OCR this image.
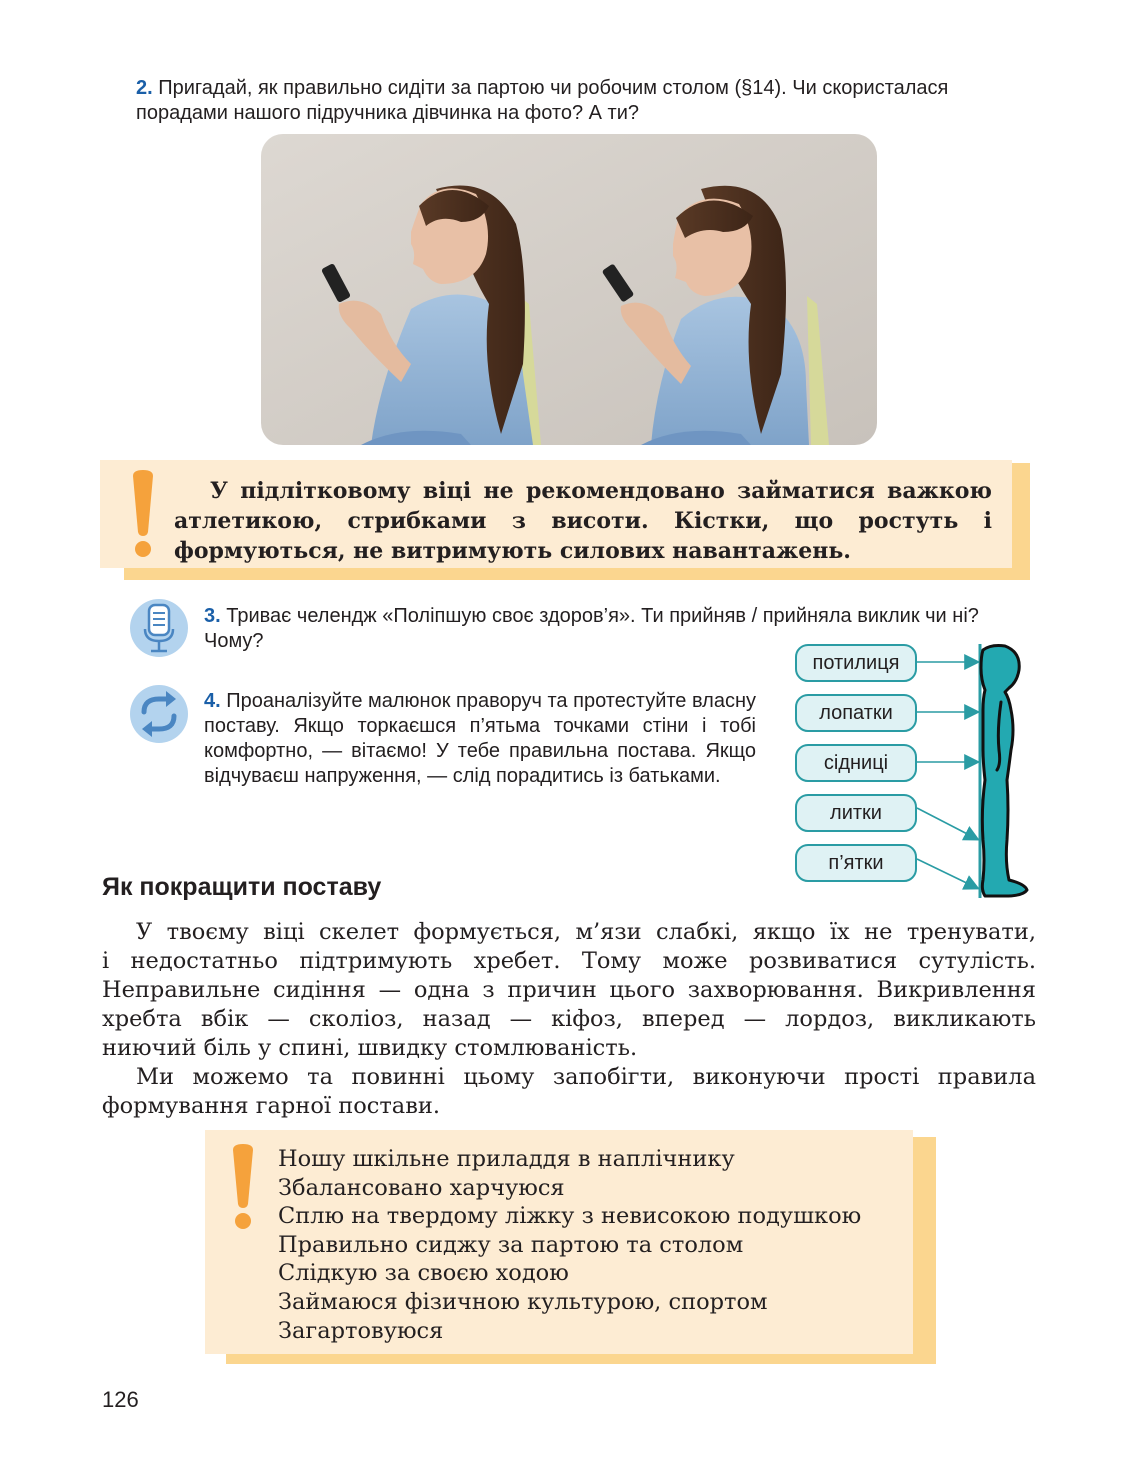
2. Пригадай, як правильно сидіти за партою чи робочим столом (§14). Чи скористалася порадами нашого підручника дівчинка на фото? А ти?
У підлітковому віці не рекомендовано займатися важкою атлетикою, стрибками з висоти. Кістки, що ростуть і формуються, не витримують силових навантажень.
3. Триває челендж «Поліпшую своє здоров’я». Ти прийняв / прийняла виклик чи ні? Чому?
4. Проаналізуйте малюнок праворуч та протестуйте власну поставу. Якщо торкаєшся п’ятьма точками стіни і тобі комфортно, — вітаємо! У тебе правильна постава. Якщо відчуваєш напруження, — слід порадитись із батьками.
потилиця
лопатки
сідниці
литки
п’ятки
Як покращити поставу
У твоєму віці скелет формується, м’язи слабкі, якщо їх не тренувати,
і недостатньо підтримують хребет. Тому може розвиватися сутулість.
Неправильне сидіння — одна з причин цього захворювання. Викривлення
хребта вбік — сколіоз, назад — кіфоз, вперед — лордоз, викликають
ниючий біль у спині, швидку стомлюваність.
Ми можемо та повинні цьому запобігти, виконуючи прості правила
формування гарної постави.
Ношу шкільне приладдя в наплічнику
Збалансовано харчуюся
Сплю на твердому ліжку з невисокою подушкою
Правильно сиджу за партою та столом
Слідкую за своєю ходою
Займаюся фізичною культурою, спортом
Загартовуюся
126
